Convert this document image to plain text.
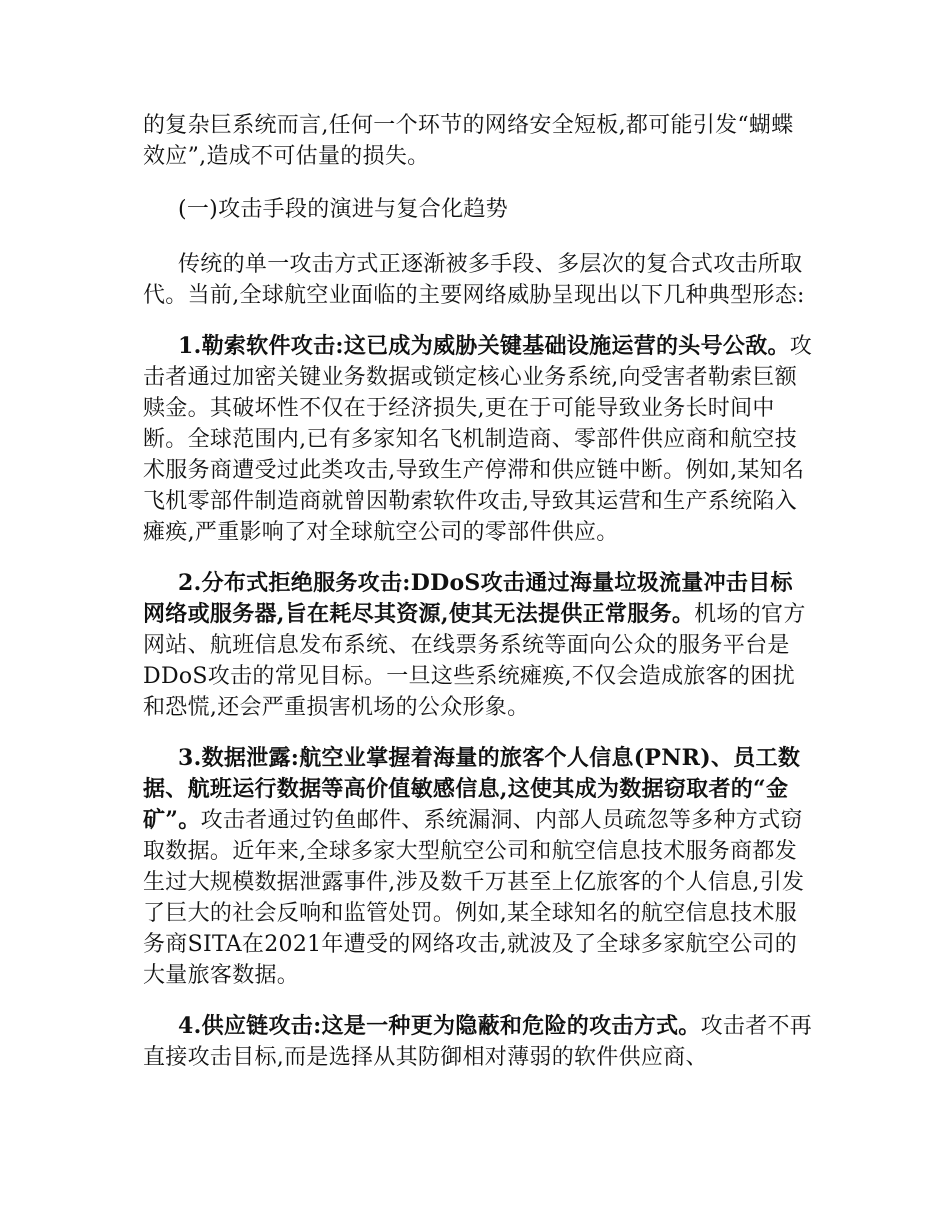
的复杂巨系统而言,任何一个环节的网络安全短板,都可能引发“蝴蝶效应”,造成不可估量的损失。

(一)攻击手段的演进与复合化趋势

传统的单一攻击方式正逐渐被多手段、多层次的复合式攻击所取代。当前,全球航空业面临的主要网络威胁呈现出以下几种典型形态:

1.勒索软件攻击:这已成为威胁关键基础设施运营的头号公敌。攻击者通过加密关键业务数据或锁定核心业务系统,向受害者勒索巨额赎金。其破坏性不仅在于经济损失,更在于可能导致业务长时间中断。全球范围内,已有多家知名飞机制造商、零部件供应商和航空技术服务商遭受过此类攻击,导致生产停滞和供应链中断。例如,某知名飞机零部件制造商就曾因勒索软件攻击,导致其运营和生产系统陷入瘫痪,严重影响了对全球航空公司的零部件供应。

2.分布式拒绝服务攻击:DDoS攻击通过海量垃圾流量冲击目标网络或服务器,旨在耗尽其资源,使其无法提供正常服务。机场的官方网站、航班信息发布系统、在线票务系统等面向公众的服务平台是DDoS攻击的常见目标。一旦这些系统瘫痪,不仅会造成旅客的困扰和恐慌,还会严重损害机场的公众形象。

3.数据泄露:航空业掌握着海量的旅客个人信息(PNR)、员工数据、航班运行数据等高价值敏感信息,这使其成为数据窃取者的“金矿”。攻击者通过钓鱼邮件、系统漏洞、内部人员疏忽等多种方式窃取数据。近年来,全球多家大型航空公司和航空信息技术服务商都发生过大规模数据泄露事件,涉及数千万甚至上亿旅客的个人信息,引发了巨大的社会反响和监管处罚。例如,某全球知名的航空信息技术服务商SITA在2021年遭受的网络攻击,就波及了全球多家航空公司的大量旅客数据。

4.供应链攻击:这是一种更为隐蔽和危险的攻击方式。攻击者不再直接攻击目标,而是选择从其防御相对薄弱的软件供应商、
